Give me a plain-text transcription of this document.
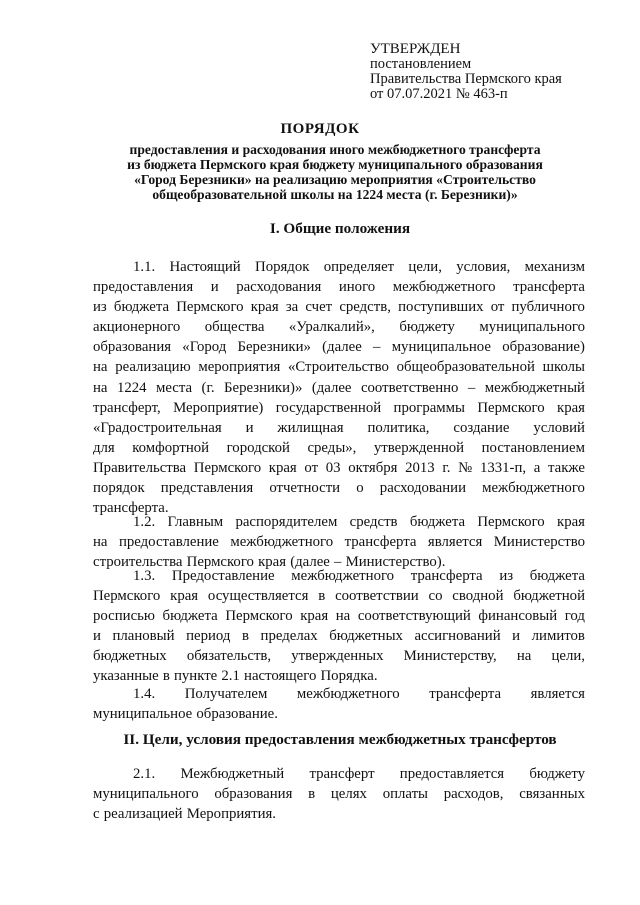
УТВЕРЖДЕН
постановлением
Правительства Пермского края
от 07.07.2021 № 463-п
ПОРЯДОК
предоставления и расходования иного межбюджетного трансферта
из бюджета Пермского края бюджету муниципального образования
«Город Березники» на реализацию мероприятия «Строительство
общеобразовательной школы на 1224 места (г. Березники)»
I. Общие положения
1.1. Настоящий Порядок определяет цели, условия, механизм
предоставления и расходования иного межбюджетного трансферта
из бюджета Пермского края за счет средств, поступивших от публичного
акционерного общества «Уралкалий», бюджету муниципального
образования «Город Березники» (далее – муниципальное образование)
на реализацию мероприятия «Строительство общеобразовательной школы
на 1224 места (г. Березники)» (далее соответственно – межбюджетный
трансферт, Мероприятие) государственной программы Пермского края
«Градостроительная и жилищная политика, создание условий
для комфортной городской среды», утвержденной постановлением
Правительства Пермского края от 03 октября 2013 г. № 1331-п, а также
порядок представления отчетности о расходовании межбюджетного
трансферта.
1.2. Главным распорядителем средств бюджета Пермского края
на предоставление межбюджетного трансферта является Министерство
строительства Пермского края (далее – Министерство).
1.3. Предоставление межбюджетного трансферта из бюджета
Пермского края осуществляется в соответствии со сводной бюджетной
росписью бюджета Пермского края на соответствующий финансовый год
и плановый период в пределах бюджетных ассигнований и лимитов
бюджетных обязательств, утвержденных Министерству, на цели,
указанные в пункте 2.1 настоящего Порядка.
1.4. Получателем межбюджетного трансферта является
муниципальное образование.
II. Цели, условия предоставления межбюджетных трансфертов
2.1. Межбюджетный трансферт предоставляется бюджету
муниципального образования в целях оплаты расходов, связанных
с реализацией Мероприятия.
